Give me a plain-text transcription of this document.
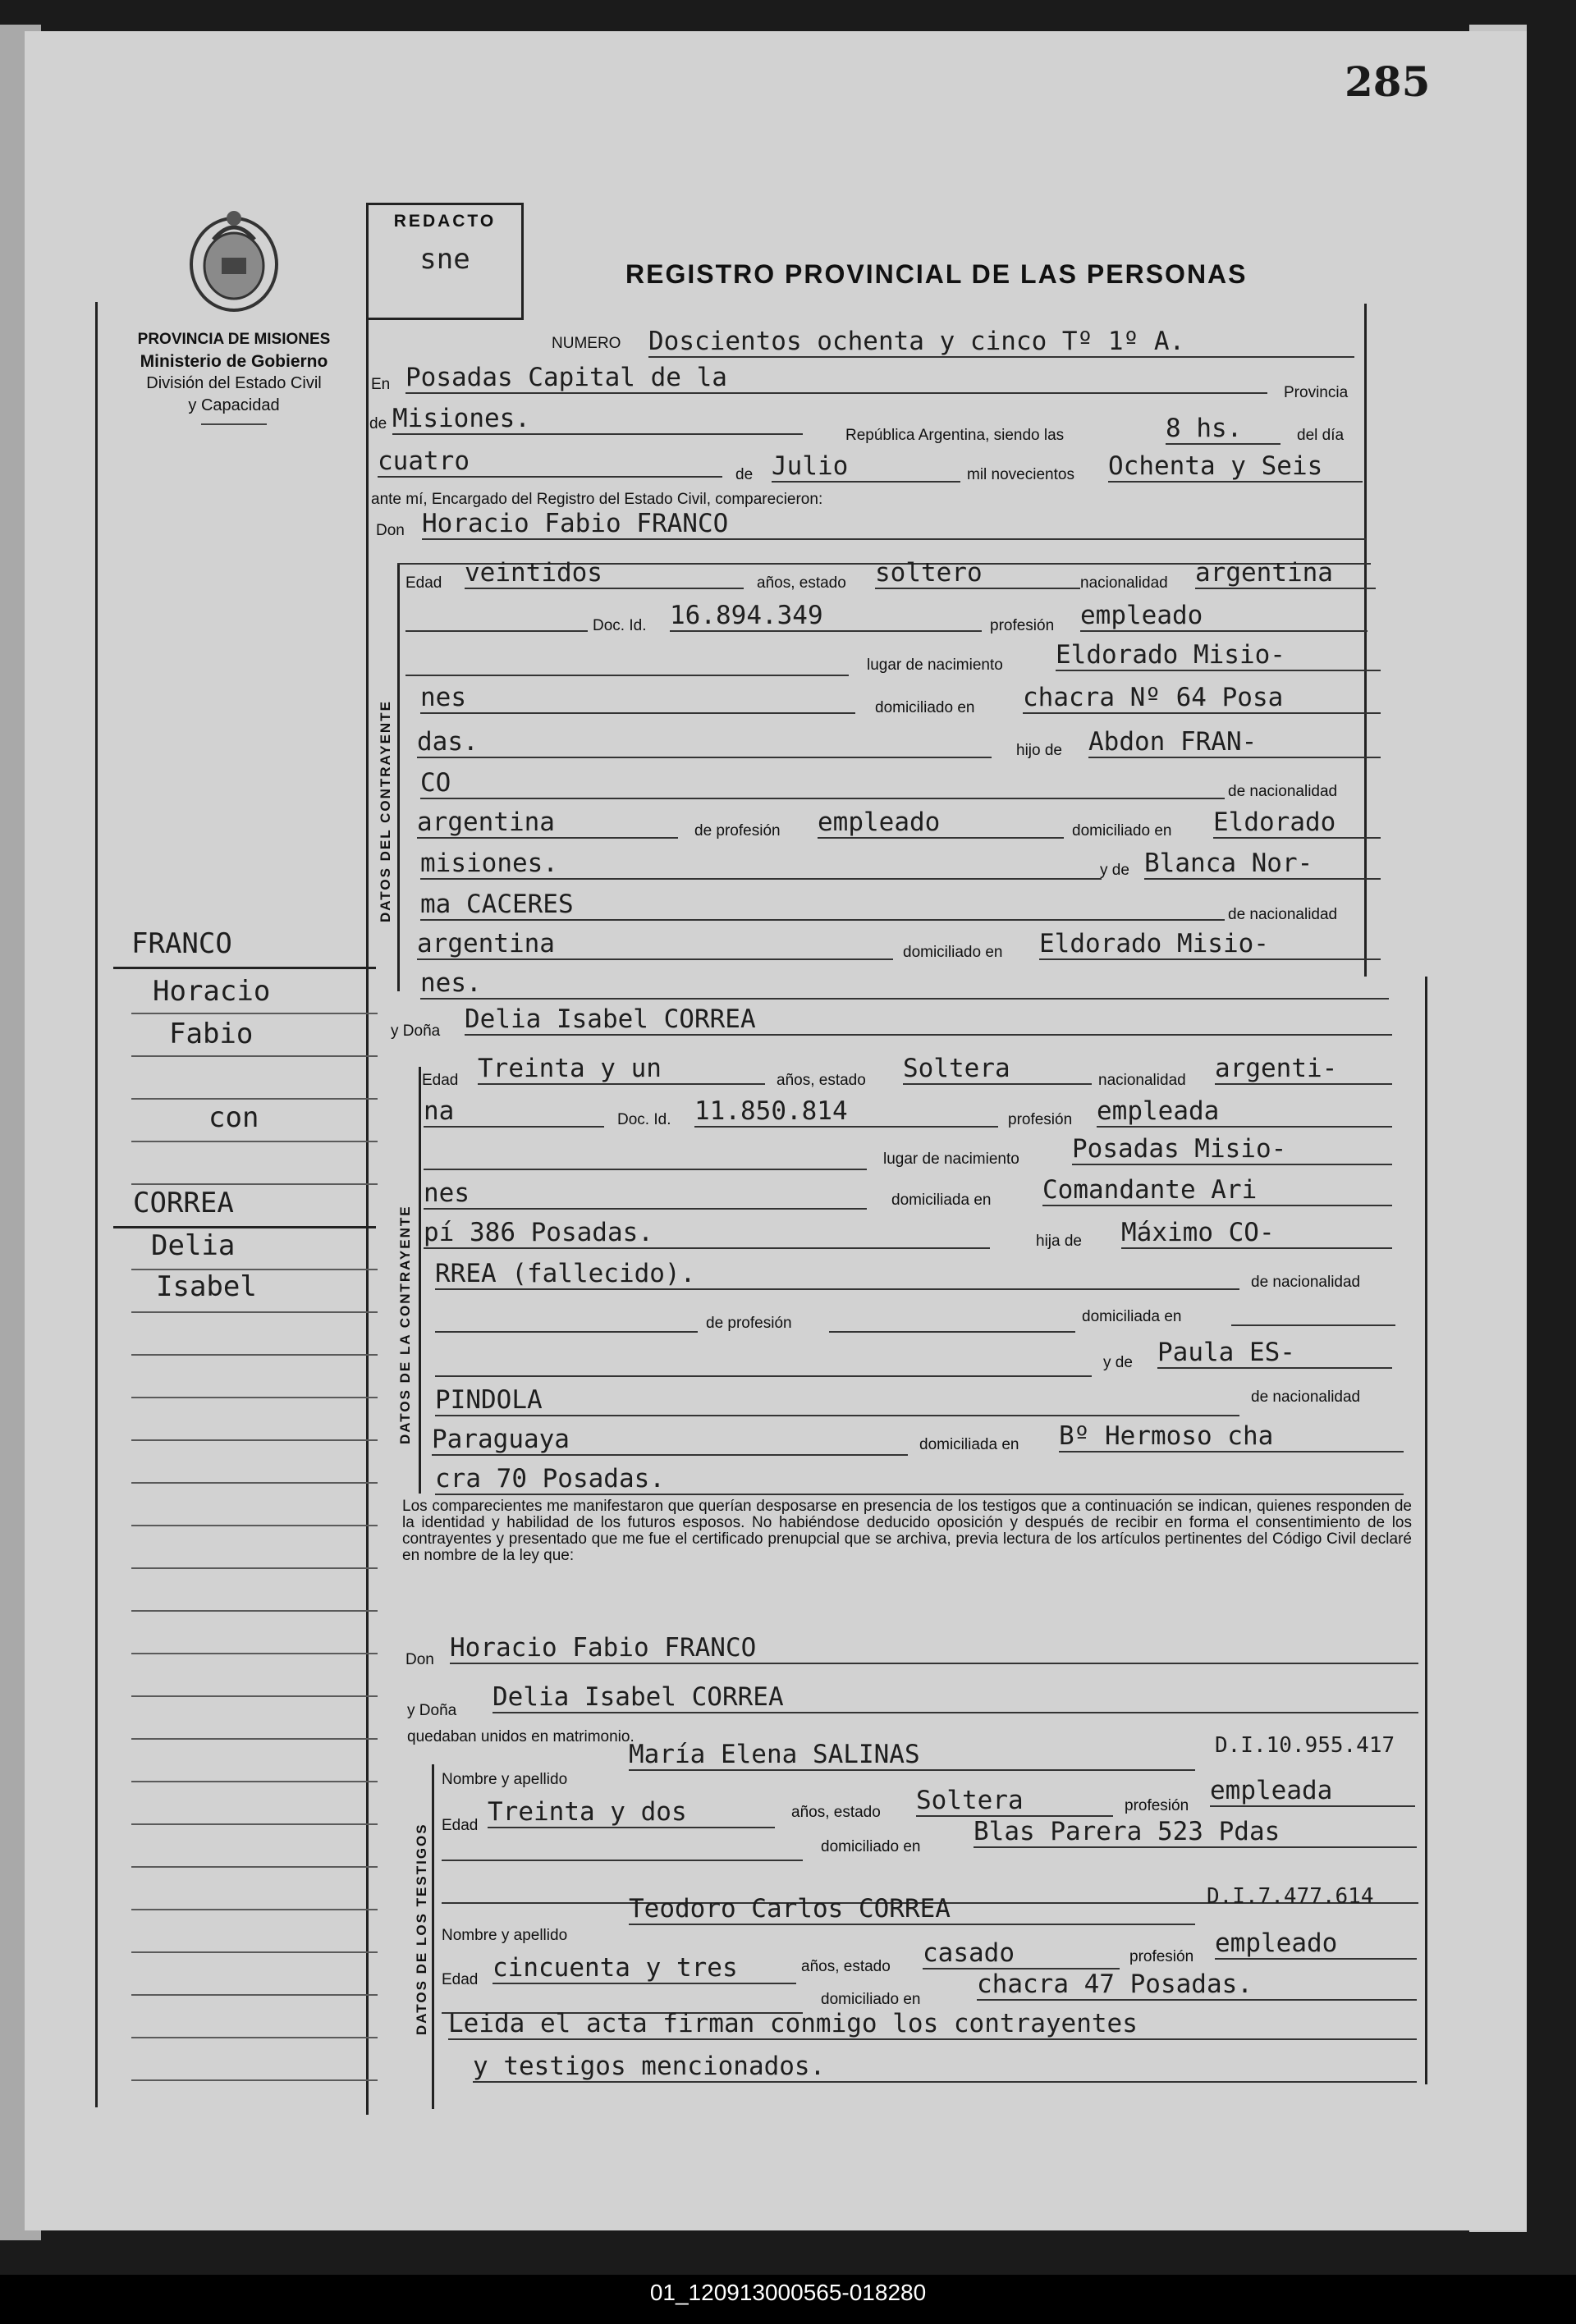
285
PROVINCIA DE MISIONES
Ministerio de Gobierno
División del Estado Civil
y Capacidad
REDACTO
sne	REGISTRO PROVINCIAL DE LAS PERSONAS
NUMERO Doscientos ochenta y cinco Tº 1º A.
En Posadas Capital de la
Provincia
de Misiones.
República Argentina, siendo las	8 hs.	del día
cuatro	de Julio	mil novecientos Ochenta y Seis
ante mí, Encargado del Registro del Estado Civil, comparecieron:
Don Horacio Fabio FRANCO
DATOS DEL CONTRAYENTE
Edad veintidos	años, estado soltero	nacionalidad argentina
Doc. Id. 16.894.349	profesión empleado
lugar de nacimiento Eldorado Misio-
nes	domiciliado en chacra Nº 64 Posa
das.	hijo de Abdon FRAN-
CO	de nacionalidad
argentina	de profesión empleado	domiciliado en Eldorado
misiones.	y de Blanca Nor-
ma CACERES	de nacionalidad
argentina	domiciliado en Eldorado Misio-
nes.
y Doña Delia Isabel CORREA
DATOS DE LA CONTRAYENTE
Edad Treinta y un	años, estado Soltera	nacionalidad argenti-
na	Doc. Id. 11.850.814	profesión empleada
lugar de nacimiento Posadas Misio-
nes	domiciliada en Comandante Ari
pí 386 Posadas.	hija de Máximo CO-
RREA (fallecido).	de nacionalidad
de profesión	domiciliada en
y de Paula ES-
PINDOLA	de nacionalidad
Paraguaya	domiciliada en Bº Hermoso cha
cra 70 Posadas.
Los comparecientes me manifestaron que querían desposarse en presencia de los testigos que a continuación se indican, quienes responden de la identidad y habilidad de los futuros esposos. No habiéndose deducido oposición y después de recibir en forma el consentimiento de los contrayentes y presentado que me fue el certificado prenupcial que se archiva, previa lectura de los artículos pertinentes del Código Civil declaré en nombre de la ley que:
Don Horacio Fabio FRANCO
y Doña Delia Isabel CORREA
quedaban unidos en matrimonio.
DATOS DE LOS TESTIGOS
Nombre y apellido
María Elena SALINAS	D.I.10.955.417
Edad Treinta y dos	años, estado Soltera	profesión
empleada
domiciliado en
Blas Parera 523 Pdas
Nombre y apellido
Teodoro Carlos CORREA	D.I.7.477.614
Edad cincuenta y tres	años, estado casado	profesión empleado
domiciliado en
chacra 47 Posadas.
Leida el acta firman conmigo los contrayentes
y testigos mencionados.
FRANCO
Horacio
Fabio
con
CORREA
Delia
Isabel
01_120913000565-018280
